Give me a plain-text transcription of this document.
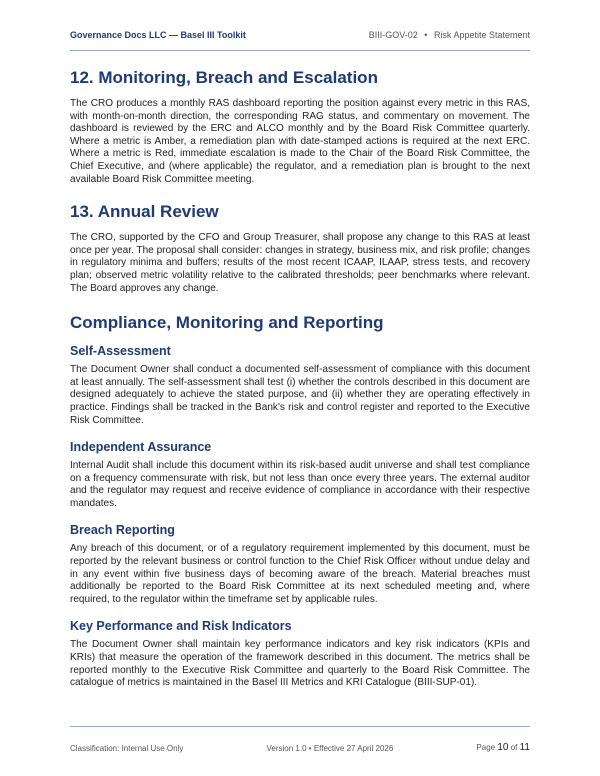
Governance Docs LLC — Basel III Toolkit	BIII-GOV-02 • Risk Appetite Statement
12. Monitoring, Breach and Escalation

The CRO produces a monthly RAS dashboard reporting the position against every metric in this RAS, with month-on-month direction, the corresponding RAG status, and commentary on movement. The dashboard is reviewed by the ERC and ALCO monthly and by the Board Risk Committee quarterly. Where a metric is Amber, a remediation plan with date-stamped actions is required at the next ERC. Where a metric is Red, immediate escalation is made to the Chair of the Board Risk Committee, the Chief Executive, and (where applicable) the regulator, and a remediation plan is brought to the next available Board Risk Committee meeting.

13. Annual Review

The CRO, supported by the CFO and Group Treasurer, shall propose any change to this RAS at least once per year. The proposal shall consider: changes in strategy, business mix, and risk profile; changes in regulatory minima and buffers; results of the most recent ICAAP, ILAAP, stress tests, and recovery plan; observed metric volatility relative to the calibrated thresholds; peer benchmarks where relevant. The Board approves any change.

Compliance, Monitoring and Reporting
Self-Assessment

The Document Owner shall conduct a documented self-assessment of compliance with this document at least annually. The self-assessment shall test (i) whether the controls described in this document are designed adequately to achieve the stated purpose, and (ii) whether they are operating effectively in practice. Findings shall be tracked in the Bank's risk and control register and reported to the Executive Risk Committee.

Independent Assurance

Internal Audit shall include this document within its risk-based audit universe and shall test compliance on a frequency commensurate with risk, but not less than once every three years. The external auditor and the regulator may request and receive evidence of compliance in accordance with their respective mandates.

Breach Reporting

Any breach of this document, or of a regulatory requirement implemented by this document, must be reported by the relevant business or control function to the Chief Risk Officer without undue delay and in any event within five business days of becoming aware of the breach. Material breaches must additionally be reported to the Board Risk Committee at its next scheduled meeting and, where required, to the regulator within the timeframe set by applicable rules.

Key Performance and Risk Indicators

The Document Owner shall maintain key performance indicators and key risk indicators (KPIs and KRIs) that measure the operation of the framework described in this document. The metrics shall be reported monthly to the Executive Risk Committee and quarterly to the Board Risk Committee. The catalogue of metrics is maintained in the Basel III Metrics and KRI Catalogue (BIII-SUP-01).

Classification: Internal Use Only	Version 1.0 • Effective 27 April 2026	Page 10 of 11
